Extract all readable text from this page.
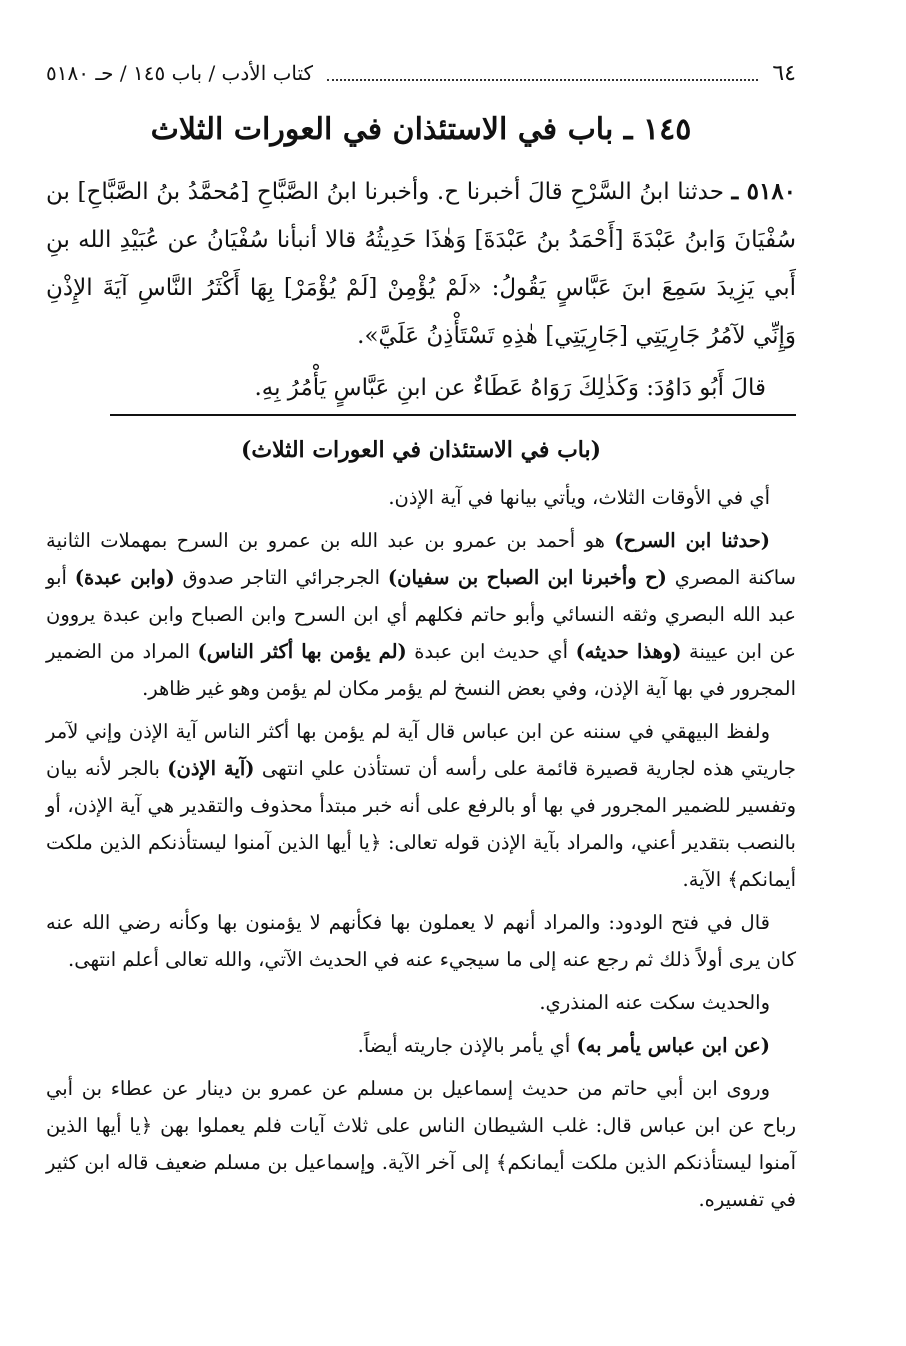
٦٤
كتاب الأدب / باب ١٤٥ / حـ ٥١٨٠
١٤٥ ـ باب في الاستئذان في العورات الثلاث

٥١٨٠ ـ حدثنا ابنُ السَّرْحِ قالَ أخبرنا ح. وأخبرنا ابنُ الصَّبَّاحِ [مُحمَّدُ بنُ الصَّبَّاحِ] بن سُفْيَانَ وَابنُ عَبْدَةَ [أَحْمَدُ بنُ عَبْدَةَ] وَهٰذَا حَدِيثُهُ قالا أنبأنا سُفْيَانُ عن عُبَيْدِ الله بنِ أَبي يَزِيدَ سَمِعَ ابنَ عَبَّاسٍ يَقُولُ: «لَمْ يُؤْمِنْ [لَمْ يُؤْمَرْ] بِهَا أَكْثَرُ النَّاسِ آيَةَ الإِذْنِ وَإِنِّي لآمُرُ جَارِيَتِي [جَارِيَتِي] هٰذِهِ تَسْتَأْذِنُ عَلَيَّ».

قالَ أَبُو دَاوُدَ: وَكَذٰلِكَ رَوَاهُ عَطَاءٌ عن ابنِ عَبَّاسٍ يَأْمُرُ بِهِ.

(باب في الاستئذان في العورات الثلاث)

أي في الأوقات الثلاث، ويأتي بيانها في آية الإذن.

(حدثنا ابن السرح) هو أحمد بن عمرو بن عبد الله بن عمرو بن السرح بمهملات الثانية ساكنة المصري (ح وأخبرنا ابن الصباح بن سفيان) الجرجرائي التاجر صدوق (وابن عبدة) أبو عبد الله البصري وثقه النسائي وأبو حاتم فكلهم أي ابن السرح وابن الصباح وابن عبدة يروون عن ابن عيينة (وهذا حديثه) أي حديث ابن عبدة (لم يؤمن بها أكثر الناس) المراد من الضمير المجرور في بها آية الإذن، وفي بعض النسخ لم يؤمر مكان لم يؤمن وهو غير ظاهر.

ولفظ البيهقي في سننه عن ابن عباس قال آية لم يؤمن بها أكثر الناس آية الإذن وإني لآمر جاريتي هذه لجارية قصيرة قائمة على رأسه أن تستأذن علي انتهى (آية الإذن) بالجر لأنه بيان وتفسير للضمير المجرور في بها أو بالرفع على أنه خبر مبتدأ محذوف والتقدير هي آية الإذن، أو بالنصب بتقدير أعني، والمراد بآية الإذن قوله تعالى: ﴿يا أيها الذين آمنوا ليستأذنكم الذين ملكت أيمانكم﴾ الآية.

قال في فتح الودود: والمراد أنهم لا يعملون بها فكأنهم لا يؤمنون بها وكأنه رضي الله عنه كان يرى أولاً ذلك ثم رجع عنه إلى ما سيجيء عنه في الحديث الآتي، والله تعالى أعلم انتهى.

والحديث سكت عنه المنذري.

(عن ابن عباس يأمر به) أي يأمر بالإذن جاريته أيضاً.

وروى ابن أبي حاتم من حديث إسماعيل بن مسلم عن عمرو بن دينار عن عطاء بن أبي رباح عن ابن عباس قال: غلب الشيطان الناس على ثلاث آيات فلم يعملوا بهن ﴿يا أيها الذين آمنوا ليستأذنكم الذين ملكت أيمانكم﴾ إلى آخر الآية. وإسماعيل بن مسلم ضعيف قاله ابن كثير في تفسيره.
